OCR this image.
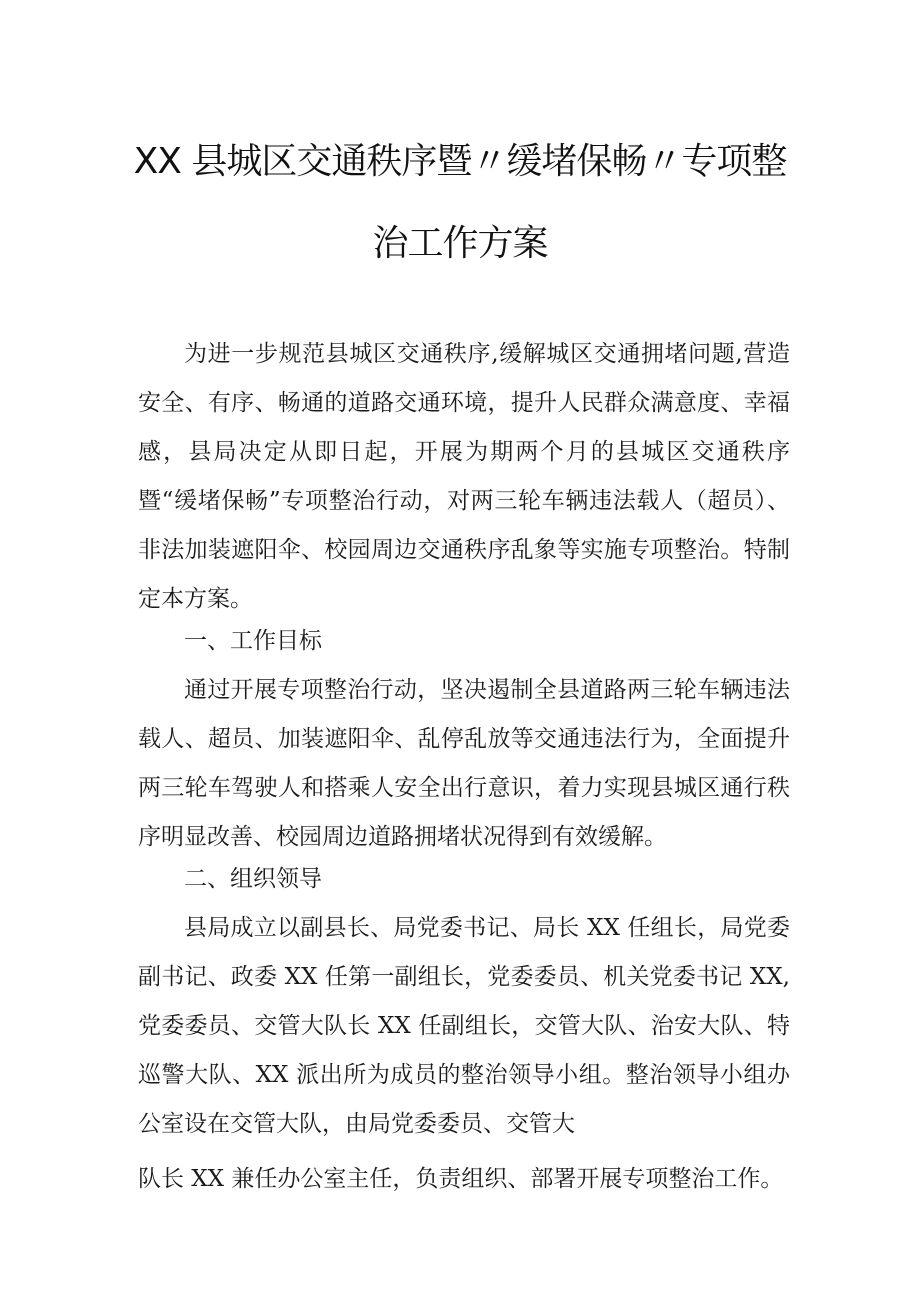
XX 县城区交通秩序暨〃缓堵保畅〃专项整
治工作方案

为进一步规范县城区交通秩序,缓解城区交通拥堵问题,营造安全、有序、畅通的道路交通环境，提升人民群众满意度、幸福感，县局决定从即日起，开展为期两个月的县城区交通秩序暨“缓堵保畅”专项整治行动，对两三轮车辆违法载人（超员）、非法加装遮阳伞、校园周边交通秩序乱象等实施专项整治。特制定本方案。

一、工作目标

通过开展专项整治行动，坚决遏制全县道路两三轮车辆违法载人、超员、加装遮阳伞、乱停乱放等交通违法行为，全面提升两三轮车驾驶人和搭乘人安全出行意识，着力实现县城区通行秩序明显改善、校园周边道路拥堵状况得到有效缓解。

二、组织领导

县局成立以副县长、局党委书记、局长 XX 任组长，局党委副书记、政委 XX 任第一副组长，党委委员、机关党委书记 XX,党委委员、交管大队长 XX 任副组长，交管大队、治安大队、特巡警大队、XX 派出所为成员的整治领导小组。整治领导小组办公室设在交管大队，由局党委委员、交管大

队长 XX 兼任办公室主任，负责组织、部署开展专项整治工作。
